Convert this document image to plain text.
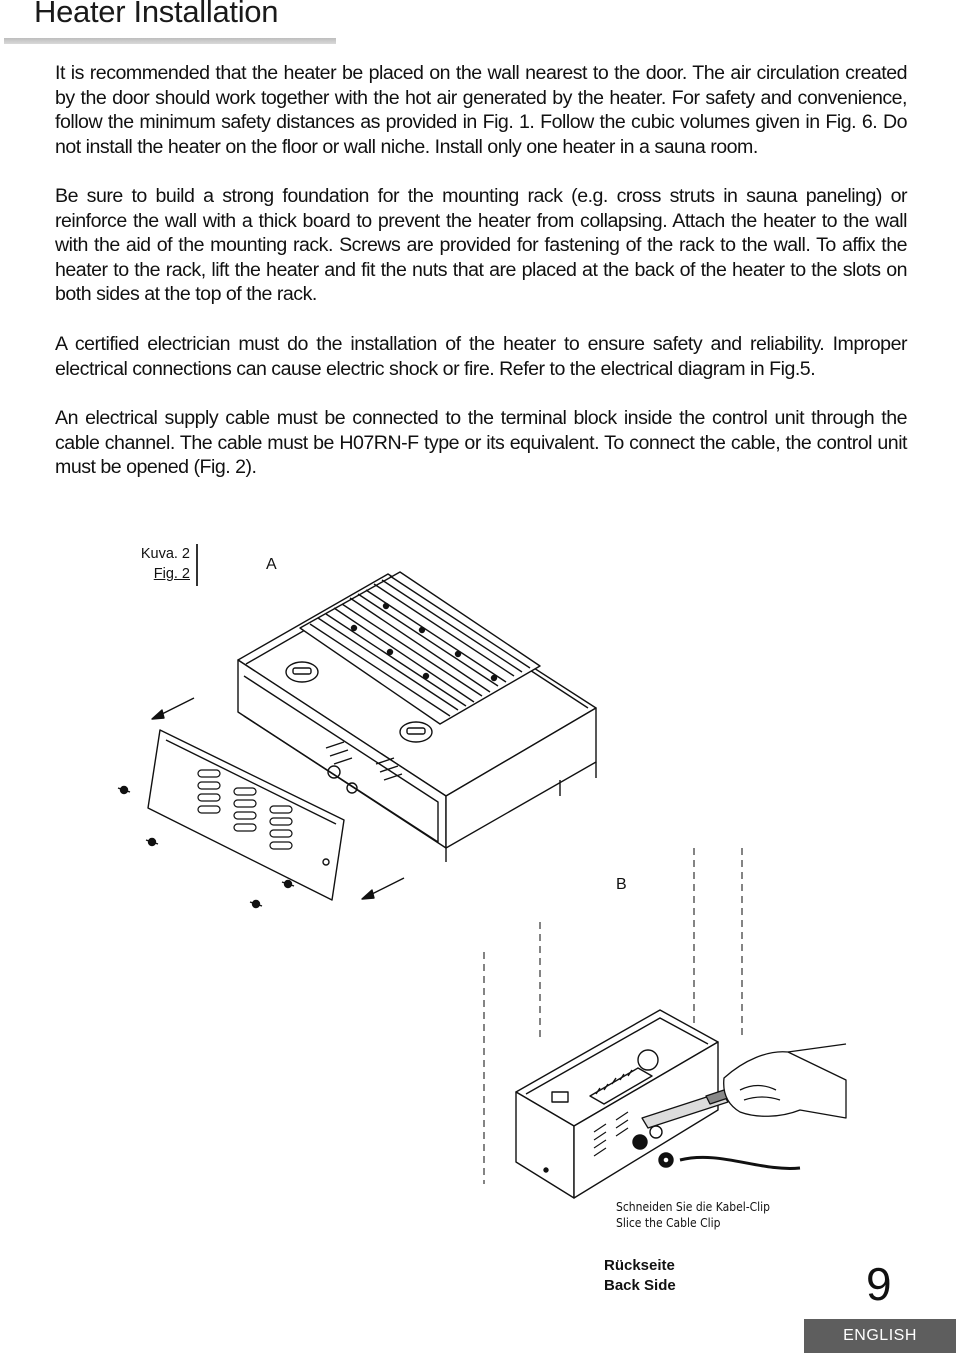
Heater Installation

It is recommended that the heater be placed on the wall nearest to the door. The air circulation created by the door should work together with the hot air generated by the heater. For safety and convenience, follow the minimum safety distances as provided in Fig. 1. Follow the cubic volumes given in Fig. 6. Do not install the heater on the floor or wall niche. Install only one heater in a sauna room.

Be sure to build a strong foundation for the mounting rack (e.g. cross struts in sauna paneling) or reinforce the wall with a thick board to prevent the heater from collapsing. Attach the heater to the wall with the aid of the mounting rack. Screws are provided for fastening of the rack to the wall. To affix the heater to the rack, lift the heater and fit the nuts that are placed at the back of the heater to the slots on both sides at the top of the rack.

A certified electrician must do the installation of the heater to ensure safety and reliability. Improper electrical connections can cause electric shock or fire. Refer to the electrical diagram in Fig.5.

An electrical supply cable must be connected to the terminal block inside the control unit through the cable channel. The cable must be H07RN-F type or its equivalent. To connect the cable, the control unit must be opened (Fig. 2).

Kuva. 2
Fig. 2
A
B
Schneiden Sie die Kabel-Clip
Slice the Cable Clip
Rückseite
Back Side	9
ENGLISH
